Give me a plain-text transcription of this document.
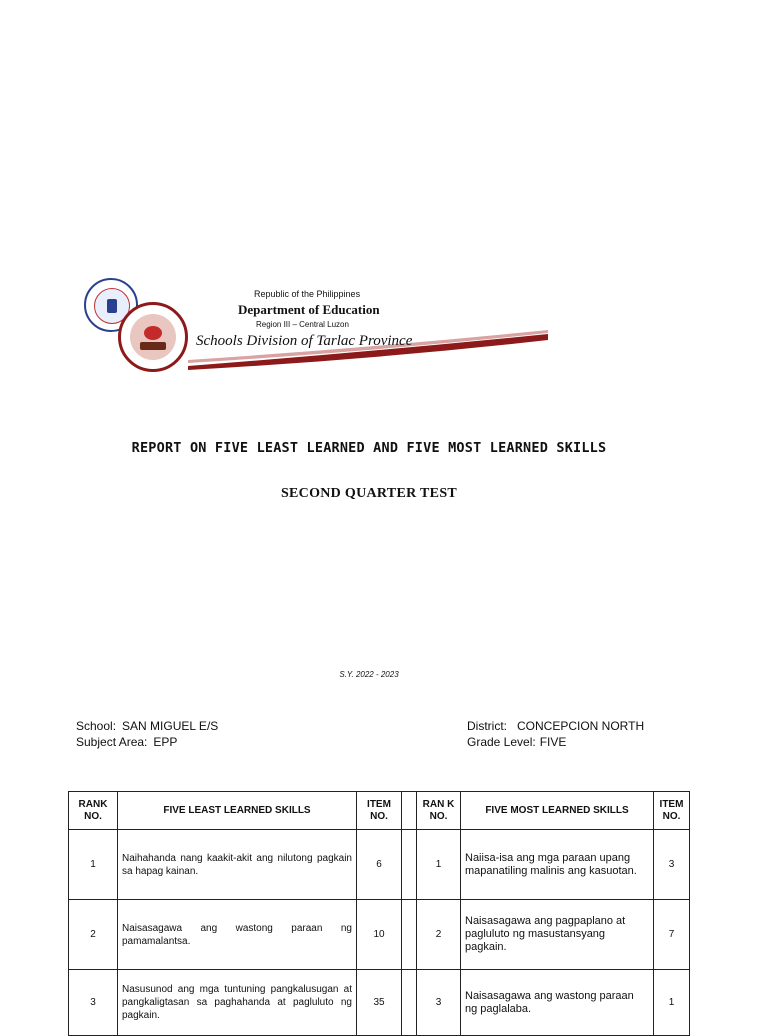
Republic of the Philippines
Department of Education
Region III – Central Luzon
Schools Division of Tarlac Province
REPORT ON FIVE LEAST LEARNED AND FIVE MOST LEARNED SKILLS
SECOND QUARTER TEST
S.Y. 2022 - 2023
School: SAN MIGUEL E/S
Subject Area: EPP
District: CONCEPCION NORTH
Grade Level: FIVE
RANK NO.	FIVE LEAST LEARNED SKILLS	ITEM NO.		RAN K NO.	FIVE MOST LEARNED SKILLS	ITEM NO.
1	Naihahanda nang kaakit-akit ang nilutong pagkain sa hapag kainan.	6		1	Naiisa-isa ang mga paraan upang mapanatiling malinis ang kasuotan.	3
2	Naisasagawa ang wastong paraan ng pamamalantsa.	10		2	Naisasagawa ang pagpaplano at pagluluto ng masustansyang pagkain.	7
3	Nasusunod ang mga tuntuning pangkalusugan at pangkaligtasan sa paghahanda at pagluluto ng pagkain.	35		3	Naisasagawa ang wastong paraan ng paglalaba.	1
